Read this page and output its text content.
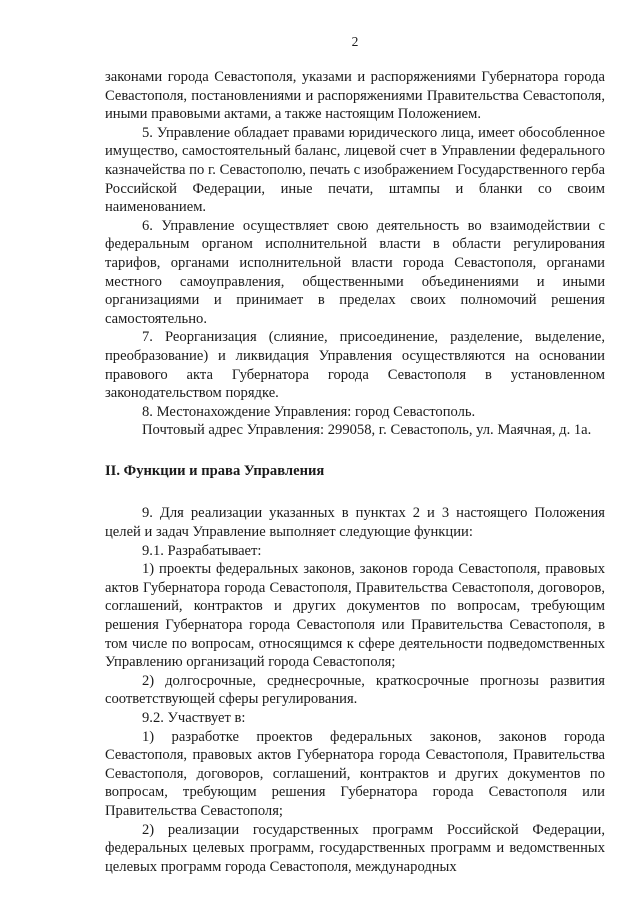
2

законами города Севастополя, указами и распоряжениями Губернатора города Севастополя, постановлениями и распоряжениями Правительства Севастополя, иными правовыми актами, а также настоящим Положением.

5. Управление обладает правами юридического лица, имеет обособленное имущество, самостоятельный баланс, лицевой счет в Управлении федерального казначейства по г. Севастополю, печать с изображением Государственного герба Российской Федерации, иные печати, штампы и бланки со своим наименованием.

6. Управление осуществляет свою деятельность во взаимодействии с федеральным органом исполнительной власти в области регулирования тарифов, органами исполнительной власти города Севастополя, органами местного самоуправления, общественными объединениями и иными организациями и принимает в пределах своих полномочий решения самостоятельно.

7. Реорганизация (слияние, присоединение, разделение, выделение, преобразование) и ликвидация Управления осуществляются на основании правового акта Губернатора города Севастополя в установленном законодательством порядке.

8. Местонахождение Управления: город Севастополь.

Почтовый адрес Управления: 299058, г. Севастополь, ул. Маячная, д. 1а.

II. Функции и права Управления

9. Для реализации указанных в пунктах 2 и 3 настоящего Положения целей и задач Управление выполняет следующие функции:

9.1. Разрабатывает:

1) проекты федеральных законов, законов города Севастополя, правовых актов Губернатора города Севастополя, Правительства Севастополя, договоров, соглашений, контрактов и других документов по вопросам, требующим решения Губернатора города Севастополя или Правительства Севастополя, в том числе по вопросам, относящимся к сфере деятельности подведомственных Управлению организаций города Севастополя;

2) долгосрочные, среднесрочные, краткосрочные прогнозы развития соответствующей сферы регулирования.

9.2. Участвует в:

1) разработке проектов федеральных законов, законов города Севастополя, правовых актов Губернатора города Севастополя, Правительства Севастополя, договоров, соглашений, контрактов и других документов по вопросам, требующим решения Губернатора города Севастополя или Правительства Севастополя;

2) реализации государственных программ Российской Федерации, федеральных целевых программ, государственных программ и ведомственных целевых программ города Севастополя, международных
